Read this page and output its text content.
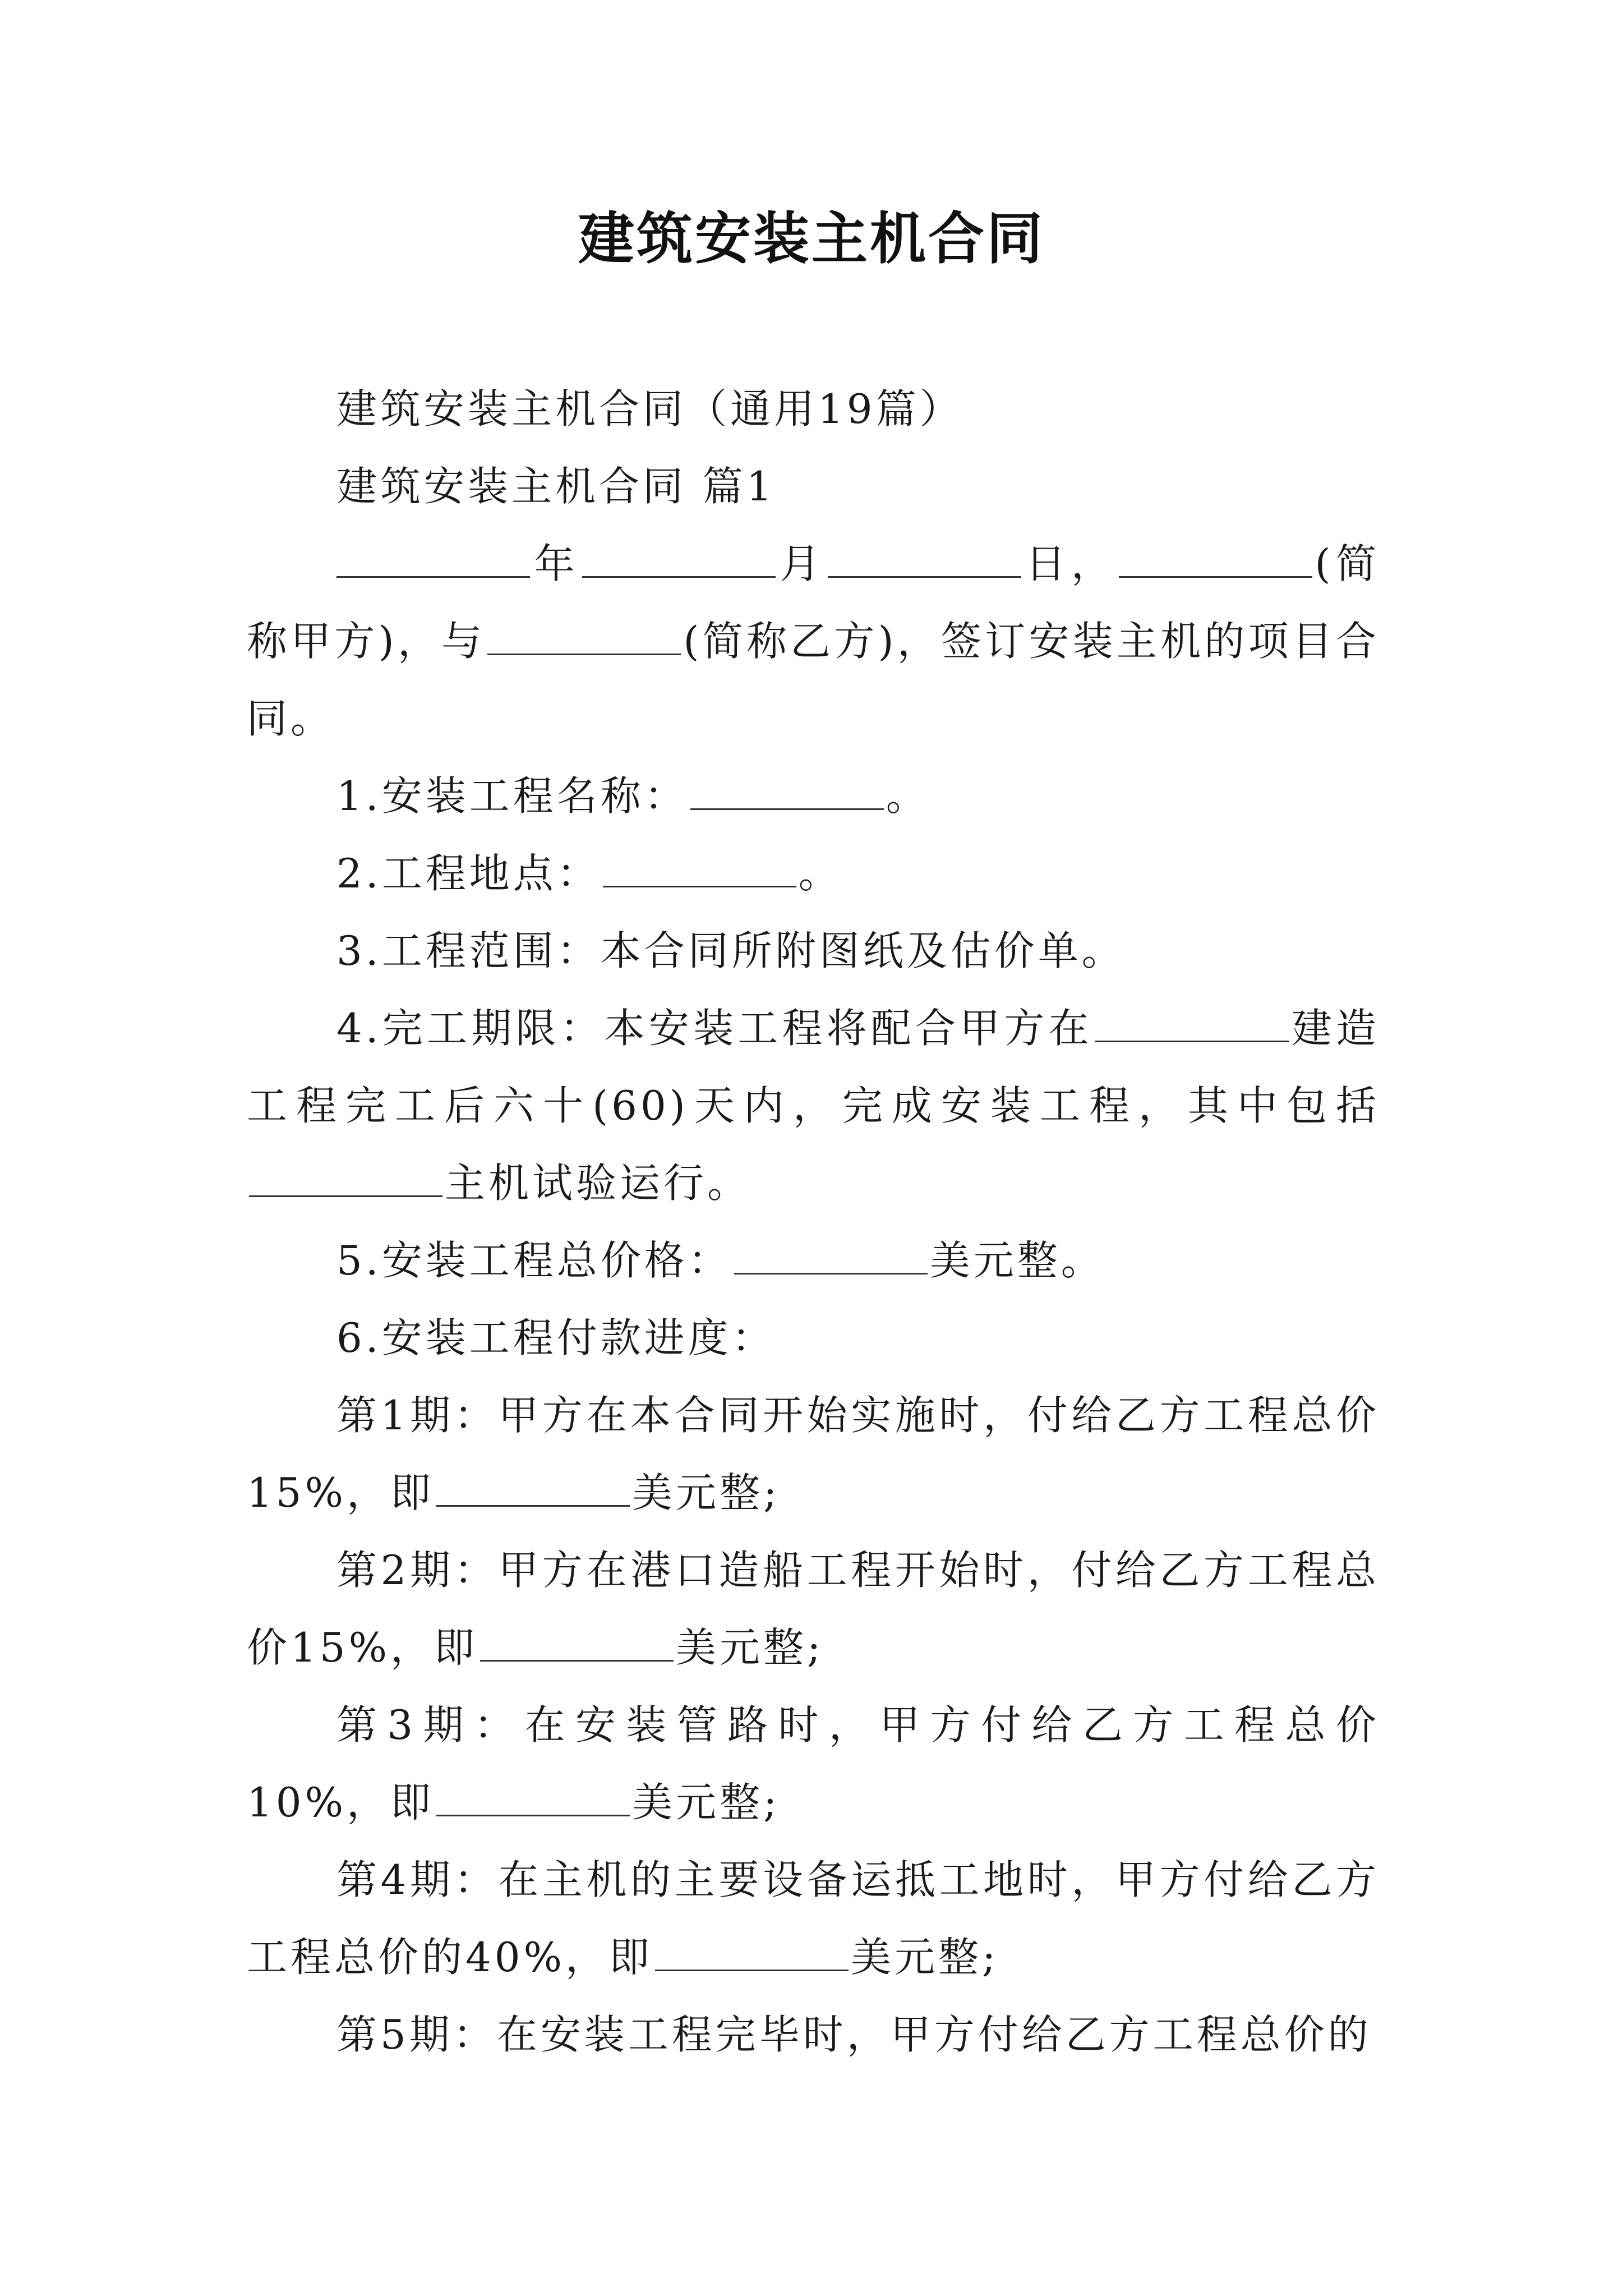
建筑安装主机合同

建筑安装主机合同（通用19篇）

建筑安装主机合同 篇1

年	月	日，	(简称甲方)，与	(简称乙方)，签订安装主机的项目合同。

1.安装工程名称：	。

2.工程地点：	。

3.工程范围：本合同所附图纸及估价单。

4.完工期限：本安装工程将配合甲方在	建造工程完工后六十(60)天内，完成安装工程，其中包括主机试验运行。

5.安装工程总价格：	美元整。

6.安装工程付款进度：

第1期：甲方在本合同开始实施时，付给乙方工程总价15%，即	美元整;

第2期：甲方在港口造船工程开始时，付给乙方工程总价15%，即	美元整;

第3期：在安装管路时，甲方付给乙方工程总价10%，即	美元整;

第4期：在主机的主要设备运抵工地时，甲方付给乙方工程总价的40%，即	美元整;

第5期：在安装工程完毕时，甲方付给乙方工程总价的
